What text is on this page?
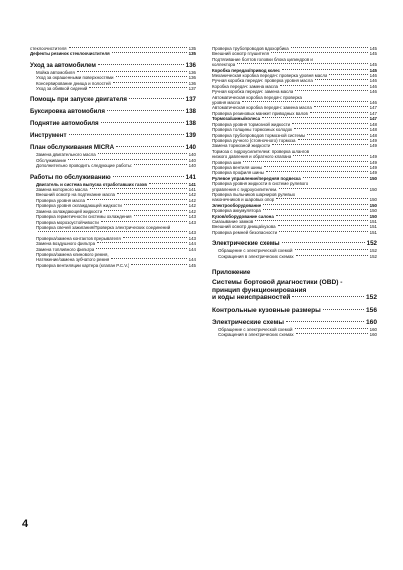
стеклоочистителя	135
Дефекты резинок стеклоочистителя	135
Уход за автомобилем	136
Мойка автомобиля	136
Уход за окрашенными поверхностями	136
Консервирование днища и полостей	136
Уход за обивкой сидений	137
Помощь при запуске двигателя	137
Буксировка автомобиля	138
Поднятие автомобиля	138
Инструмент	139
План обслуживания MICRA	140
Замена двигательного масла	140
Обслуживание	140
Дополнительно проводить следующие работы:	140
Работы по обслуживанию	141
Двигатель и система выпуска отработавших газов	141
Замена моторного масла	141
Внешний осмотр на подтекание масла	142
Проверка уровня масла	142
Проверка уровня охлаждающей жидкости	142
Замена охлаждающей жидкости	142
Проверка герметичности системы охлаждения	143
Проверка морозоустойчивости	143
Проверка свечей зажигания/Проверка электрических соединений
143
Проверка/замена контактов прерывателя	143
Замена воздушного фильтра	144
Замена топливного фильтра	144
Проверка/замена клинового ремня,
Натяжение/замена зубчатого ремня	144
Проверка вентиляции картера (клапан P.C.V.)	145
Проверка трубопроводов вдохорбика	145
Внешний осмотр глушителя	145
Подтягивание болтов головки блока цилиндров и
коллектора	145
Коробка передач/привод колес	145
Механическая коробка передач: проверка уровня масла	146
Ручная коробка передач: проверка уровня масла	146
Коробка передач: замена масла	146
Ручная коробка передач: замена масла	146
Автоматическая коробка передач: проверка
уровня масла	146
Автоматическая коробка передач: замена масла	147
Проверка резиновых манжет приводных валов	147
Тормоза/шины/колеса	147
Проверка уровня тормозной жидкости	148
Проверка толщины тормозных колодок	148
Проверка трубопроводов тормозной системы	148
Проверка ручного (стояночного) тормоза	149
Замена тормозной жидкости	149
Тормоза с гидроусилителем: проверка шлангов
низкого давления и обратного клапана	149
Проверка шин	149
Проверка вентиля шины	149
Проверка профиля шины	149
Рулевое управление/передняя подвеска	150
Проверка уровня жидкости в системе рулевого
управления с гидроусилителем.	150
Проверка пыльников шарниров рулевых
наконечников и шаровых опор	150
Электрооборудование	150
Проверка аккумулятора	150
Кузов/оборудование салона	150
Смазывание замков	151
Внешний осмотр днища/кузова	151
Проверка ремней безопасности	151
Электрические схемы	152
Обращение с электрической схемой	152
Сокращения в электрических схемах	152
Приложение
Системы бортовой диагностики (OBD) -
принцип функционирования
и коды неисправностей	152
Контрольные кузовные размеры	156
Электрические схемы	160
Обращение с электрической схемой	160
Сокращения в электрических схемах	160
4
